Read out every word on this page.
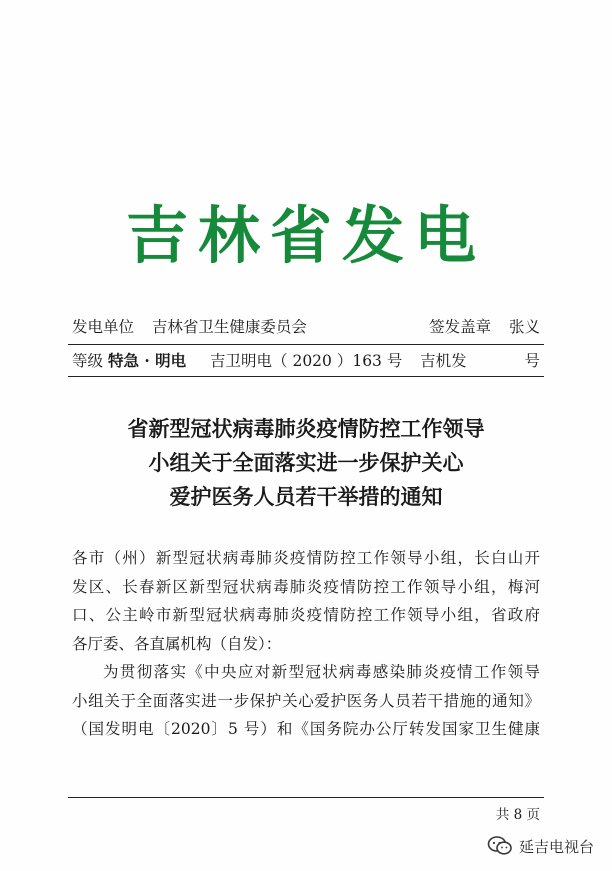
吉林省发电
发电单位 吉林省卫生健康委员会	签发盖章 张义
等级 特急 · 明电 吉卫明电（ 2020 ）163 号 吉机发	号
省新型冠状病毒肺炎疫情防控工作领导
小组关于全面落实进一步保护关心
爱护医务人员若干举措的通知

各市（州）新型冠状病毒肺炎疫情防控工作领导小组，长白山开
发区、长春新区新型冠状病毒肺炎疫情防控工作领导小组，梅河
口、公主岭市新型冠状病毒肺炎疫情防控工作领导小组，省政府
各厅委、各直属机构（自发）：

为贯彻落实《中央应对新型冠状病毒感染肺炎疫情工作领导
小组关于全面落实进一步保护关心爱护医务人员若干措施的通知》
（国发明电〔2020〕5 号）和《国务院办公厅转发国家卫生健康

共 8 页
延吉电视台
